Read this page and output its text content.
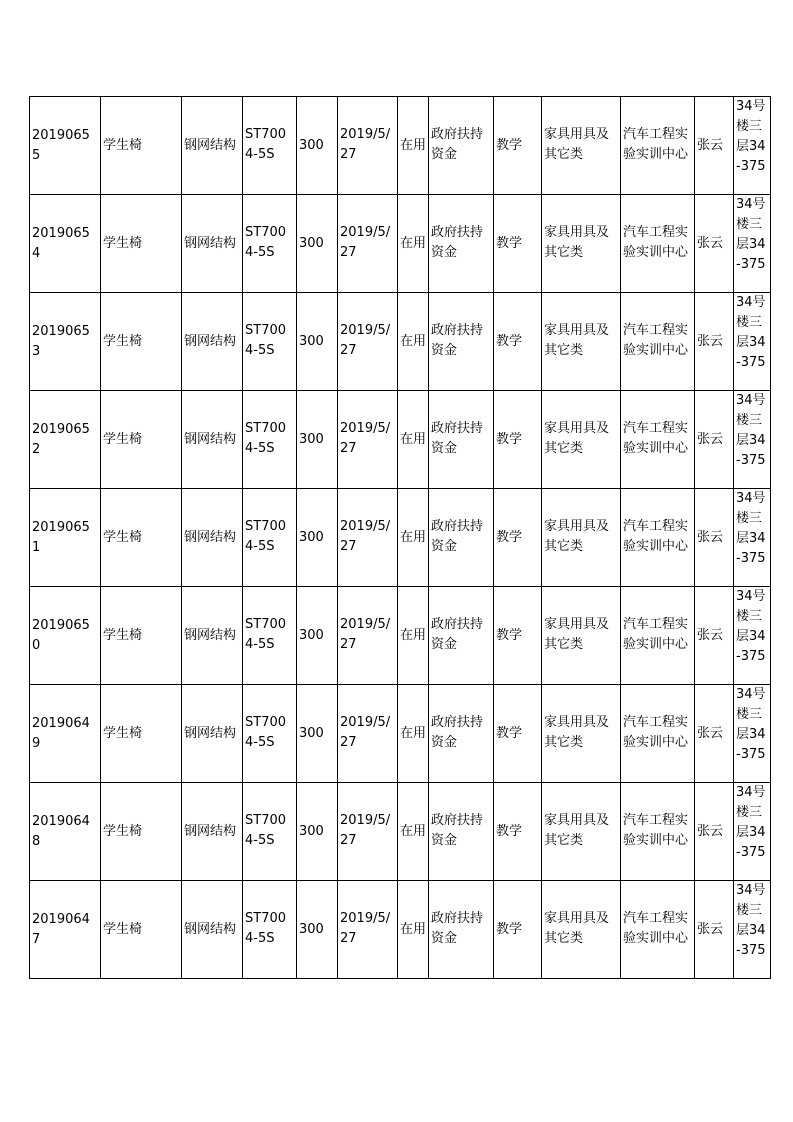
20190655	学生椅	钢网结构	ST7004-5S	300	2019/5/27	在用	政府扶持资金	教学	家具用具及其它类	汽车工程实验实训中心	张云	34号楼三层34-375
20190654	学生椅	钢网结构	ST7004-5S	300	2019/5/27	在用	政府扶持资金	教学	家具用具及其它类	汽车工程实验实训中心	张云	34号楼三层34-375
20190653	学生椅	钢网结构	ST7004-5S	300	2019/5/27	在用	政府扶持资金	教学	家具用具及其它类	汽车工程实验实训中心	张云	34号楼三层34-375
20190652	学生椅	钢网结构	ST7004-5S	300	2019/5/27	在用	政府扶持资金	教学	家具用具及其它类	汽车工程实验实训中心	张云	34号楼三层34-375
20190651	学生椅	钢网结构	ST7004-5S	300	2019/5/27	在用	政府扶持资金	教学	家具用具及其它类	汽车工程实验实训中心	张云	34号楼三层34-375
20190650	学生椅	钢网结构	ST7004-5S	300	2019/5/27	在用	政府扶持资金	教学	家具用具及其它类	汽车工程实验实训中心	张云	34号楼三层34-375
20190649	学生椅	钢网结构	ST7004-5S	300	2019/5/27	在用	政府扶持资金	教学	家具用具及其它类	汽车工程实验实训中心	张云	34号楼三层34-375
20190648	学生椅	钢网结构	ST7004-5S	300	2019/5/27	在用	政府扶持资金	教学	家具用具及其它类	汽车工程实验实训中心	张云	34号楼三层34-375
20190647	学生椅	钢网结构	ST7004-5S	300	2019/5/27	在用	政府扶持资金	教学	家具用具及其它类	汽车工程实验实训中心	张云	34号楼三层34-375
